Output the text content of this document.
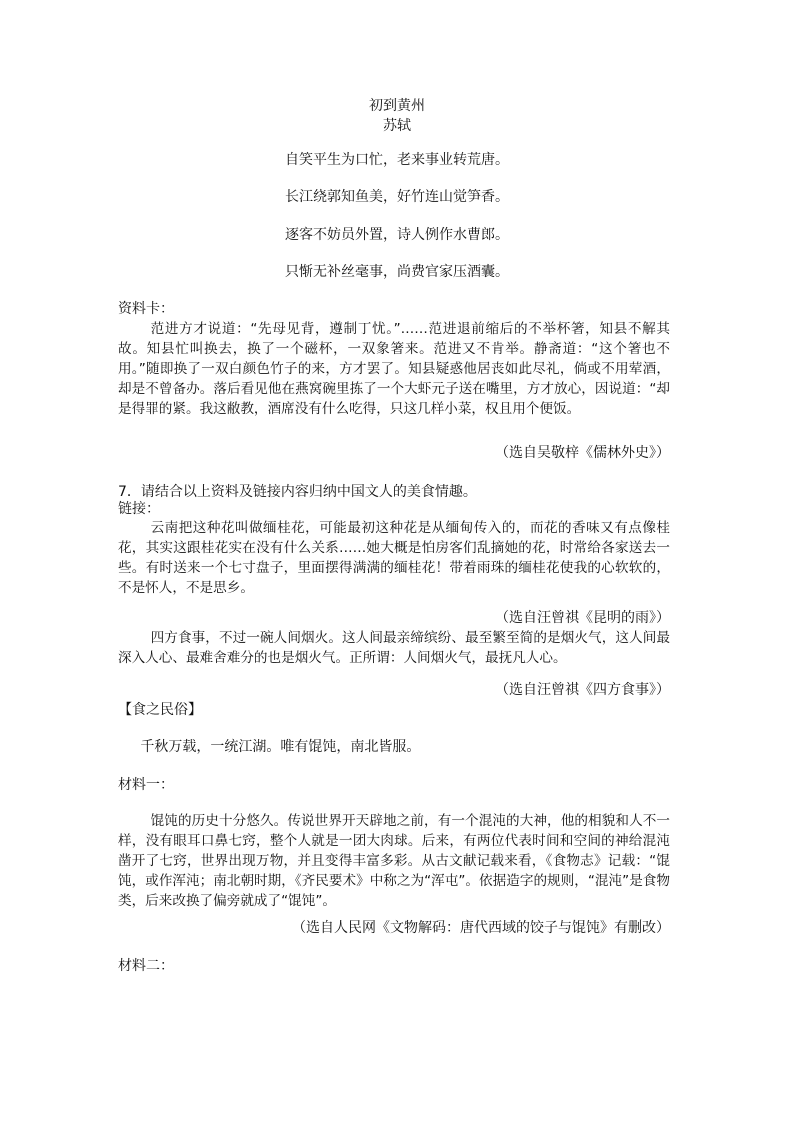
初到黄州
苏轼
自笑平生为口忙，老来事业转荒唐。
长江绕郭知鱼美，好竹连山觉笋香。
逐客不妨员外置，诗人例作水曹郎。
只惭无补丝毫事，尚费官家压酒囊。
资料卡：

范进方才说道：“先母见背，遵制丁忧。”……范进退前缩后的不举杯箸，知县不解其故。知县忙叫换去，换了一个磁杯，一双象箸来。范进又不肯举。静斋道：“这个箸也不用。”随即换了一双白颜色竹子的来，方才罢了。知县疑惑他居丧如此尽礼，倘或不用荤酒，却是不曾备办。落后看见他在燕窝碗里拣了一个大虾元子送在嘴里，方才放心，因说道：“却是得罪的紧。我这敝教，酒席没有什么吃得，只这几样小菜，权且用个便饭。

（选自吴敬梓《儒林外史》）
7．请结合以上资料及链接内容归纳中国文人的美食情趣。
链接：

云南把这种花叫做缅桂花，可能最初这种花是从缅甸传入的，而花的香味又有点像桂花，其实这跟桂花实在没有什么关系……她大概是怕房客们乱摘她的花，时常给各家送去一些。有时送来一个七寸盘子，里面摆得满满的缅桂花！带着雨珠的缅桂花使我的心软软的，不是怀人，不是思乡。

（选自汪曾祺《昆明的雨》）

四方食事，不过一碗人间烟火。这人间最亲缔缤纷、最至繁至简的是烟火气，这人间最深入人心、最难舍难分的也是烟火气。正所谓：人间烟火气，最抚凡人心。

（选自汪曾祺《四方食事》）
【食之民俗】

千秋万载，一统江湖。唯有馄饨，南北皆服。

材料一：

馄饨的历史十分悠久。传说世界开天辟地之前，有一个混沌的大神，他的相貌和人不一样，没有眼耳口鼻七窍，整个人就是一团大肉球。后来，有两位代表时间和空间的神给混沌凿开了七窍，世界出现万物，并且变得丰富多彩。从古文献记载来看，《食物志》记载：“馄饨，或作浑沌；南北朝时期，《齐民要术》中称之为“浑屯”。依据造字的规则，“混沌”是食物类，后来改换了偏旁就成了“馄饨”。

（选自人民网《文物解码：唐代西域的饺子与馄饨》有删改）
材料二：
